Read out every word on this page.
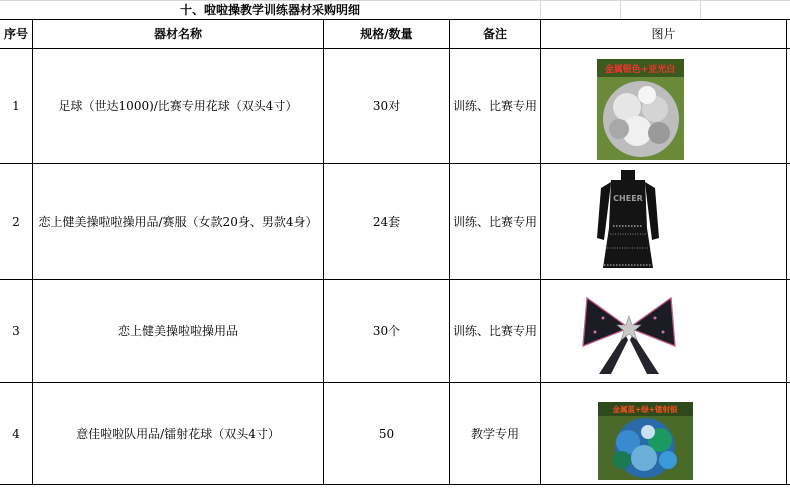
十、啦啦操教学训练器材采购明细
序号	器材名称	规格/数量	备注	图片
1	足球（世达1000)/比赛专用花球（双头4寸）	30对	训练、比赛专用
金属银色+亚光白
2	恋上健美操啦啦操用品/赛服（女款20身、男款4身）	24套	训练、比赛专用
CHEER
3	恋上健美操啦啦操用品	30个	训练、比赛专用
4	意佳啦啦队用品/镭射花球（双头4寸）	50	教学专用
金属蓝+绿+镭射银
